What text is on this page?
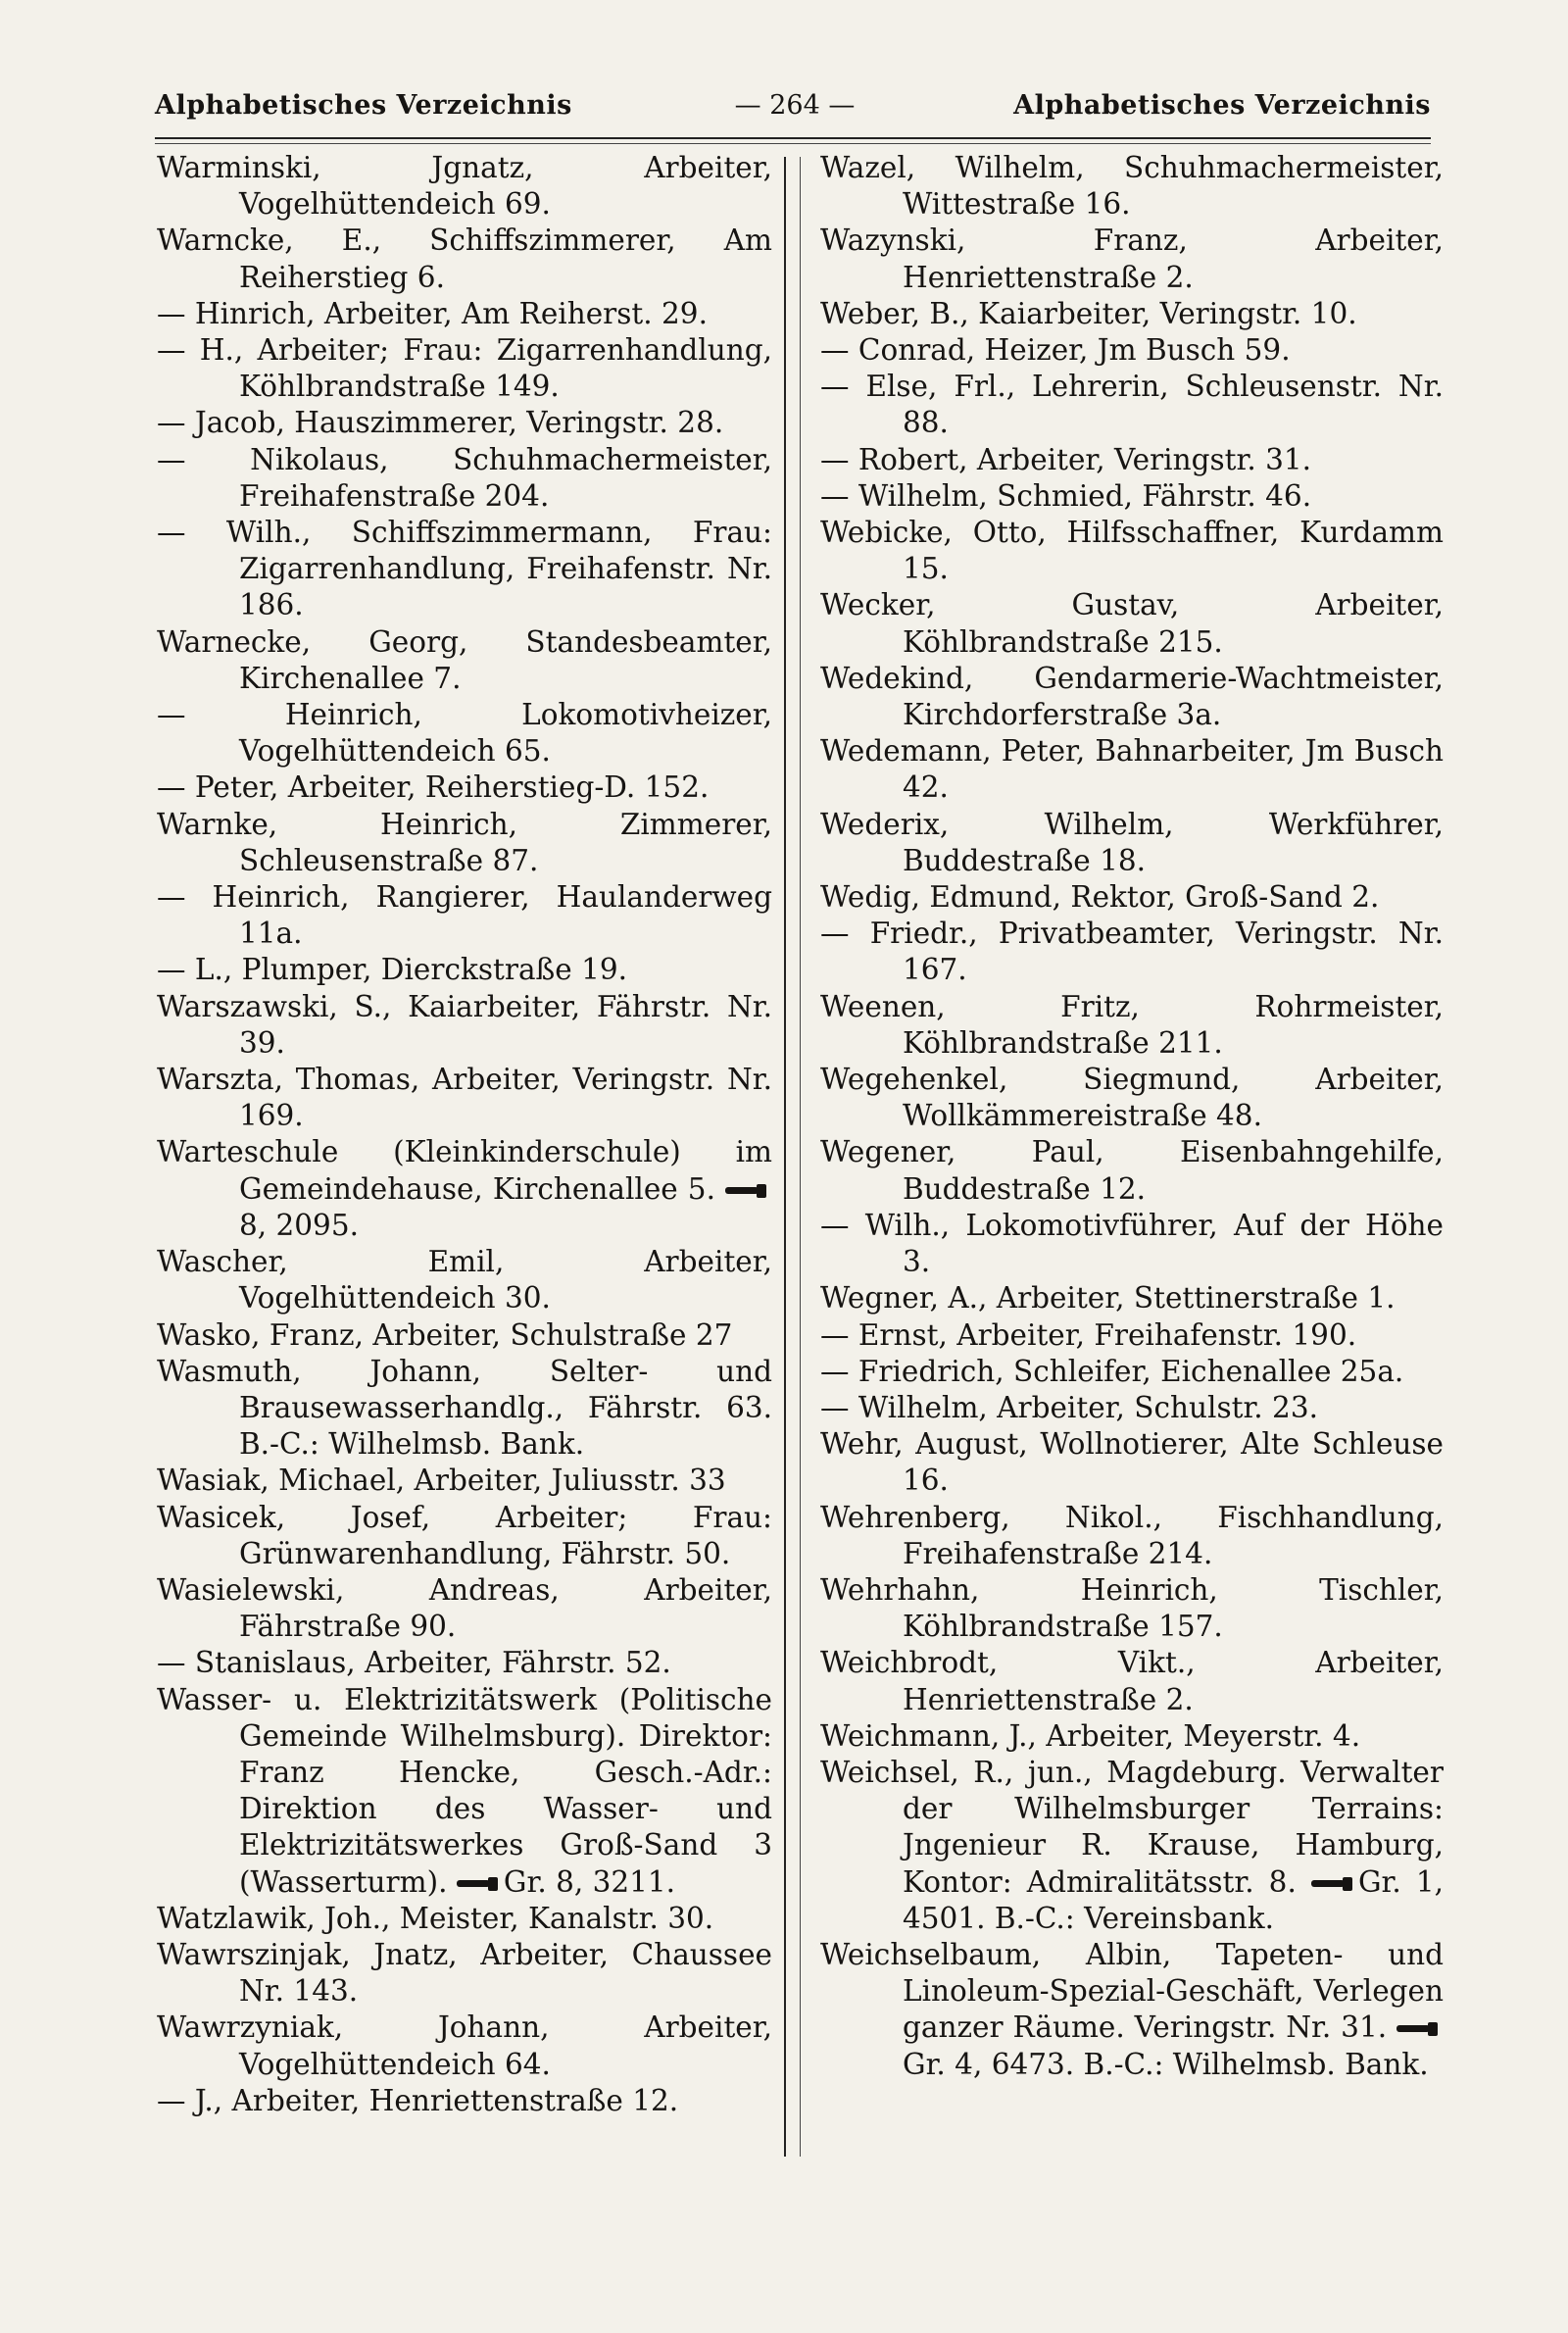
Alphabetisches Verzeichnis	— 264 —	Alphabetisches Verzeichnis

Warminski, Jgnatz, Arbeiter, Vogelhüttendeich 69.

Warncke, E., Schiffszimmerer, Am Reiherstieg 6.

— Hinrich, Arbeiter, Am Reiherst. 29.

— H., Arbeiter; Frau: Zigarrenhandlung, Köhlbrandstraße 149.

— Jacob, Hauszimmerer, Veringstr. 28.

— Nikolaus, Schuhmachermeister, Freihafenstraße 204.

— Wilh., Schiffszimmermann, Frau: Zigarrenhandlung, Freihafenstr. Nr. 186.

Warnecke, Georg, Standesbeamter, Kirchenallee 7.

— Heinrich, Lokomotivheizer, Vogelhüttendeich 65.

— Peter, Arbeiter, Reiherstieg-D. 152.

Warnke, Heinrich, Zimmerer, Schleusenstraße 87.

— Heinrich, Rangierer, Haulanderweg 11a.

— L., Plumper, Dierckstraße 19.

Warszawski, S., Kaiarbeiter, Fährstr. Nr. 39.

Warszta, Thomas, Arbeiter, Veringstr. Nr. 169.

Warteschule (Kleinkinderschule) im Gemeindehause, Kirchenallee 5. 8, 2095.

Wascher, Emil, Arbeiter, Vogelhüttendeich 30.

Wasko, Franz, Arbeiter, Schulstraße 27

Wasmuth, Johann, Selter- und Brausewasserhandlg., Fährstr. 63. B.-C.: Wilhelmsb. Bank.

Wasiak, Michael, Arbeiter, Juliusstr. 33

Wasicek, Josef, Arbeiter; Frau: Grünwarenhandlung, Fährstr. 50.

Wasielewski, Andreas, Arbeiter, Fährstraße 90.

— Stanislaus, Arbeiter, Fährstr. 52.

Wasser- u. Elektrizitätswerk (Politische Gemeinde Wilhelmsburg). Direktor: Franz Hencke, Gesch.-Adr.: Direktion des Wasser- und Elektrizitätswerkes Groß-Sand 3 (Wasserturm). Gr. 8, 3211.

Watzlawik, Joh., Meister, Kanalstr. 30.

Wawrszinjak, Jnatz, Arbeiter, Chaussee Nr. 143.

Wawrzyniak, Johann, Arbeiter, Vogelhüttendeich 64.

— J., Arbeiter, Henriettenstraße 12.

Wazel, Wilhelm, Schuhmachermeister, Wittestraße 16.

Wazynski, Franz, Arbeiter, Henriettenstraße 2.

Weber, B., Kaiarbeiter, Veringstr. 10.

— Conrad, Heizer, Jm Busch 59.

— Else, Frl., Lehrerin, Schleusenstr. Nr. 88.

— Robert, Arbeiter, Veringstr. 31.

— Wilhelm, Schmied, Fährstr. 46.

Webicke, Otto, Hilfsschaffner, Kurdamm 15.

Wecker, Gustav, Arbeiter, Köhlbrandstraße 215.

Wedekind, Gendarmerie-Wachtmeister, Kirchdorferstraße 3a.

Wedemann, Peter, Bahnarbeiter, Jm Busch 42.

Wederix, Wilhelm, Werkführer, Buddestraße 18.

Wedig, Edmund, Rektor, Groß-Sand 2.

— Friedr., Privatbeamter, Veringstr. Nr. 167.

Weenen, Fritz, Rohrmeister, Köhlbrandstraße 211.

Wegehenkel, Siegmund, Arbeiter, Wollkämmereistraße 48.

Wegener, Paul, Eisenbahngehilfe, Buddestraße 12.

— Wilh., Lokomotivführer, Auf der Höhe 3.

Wegner, A., Arbeiter, Stettinerstraße 1.

— Ernst, Arbeiter, Freihafenstr. 190.

— Friedrich, Schleifer, Eichenallee 25a.

— Wilhelm, Arbeiter, Schulstr. 23.

Wehr, August, Wollnotierer, Alte Schleuse 16.

Wehrenberg, Nikol., Fischhandlung, Freihafenstraße 214.

Wehrhahn, Heinrich, Tischler, Köhlbrandstraße 157.

Weichbrodt, Vikt., Arbeiter, Henriettenstraße 2.

Weichmann, J., Arbeiter, Meyerstr. 4.

Weichsel, R., jun., Magdeburg. Verwalter der Wilhelmsburger Terrains: Jngenieur R. Krause, Hamburg, Kontor: Admiralitätsstr. 8. Gr. 1, 4501. B.-C.: Vereinsbank.

Weichselbaum, Albin, Tapeten- und Linoleum-Spezial-Geschäft, Verlegen ganzer Räume. Veringstr. Nr. 31. Gr. 4, 6473. B.-C.: Wilhelmsb. Bank.
